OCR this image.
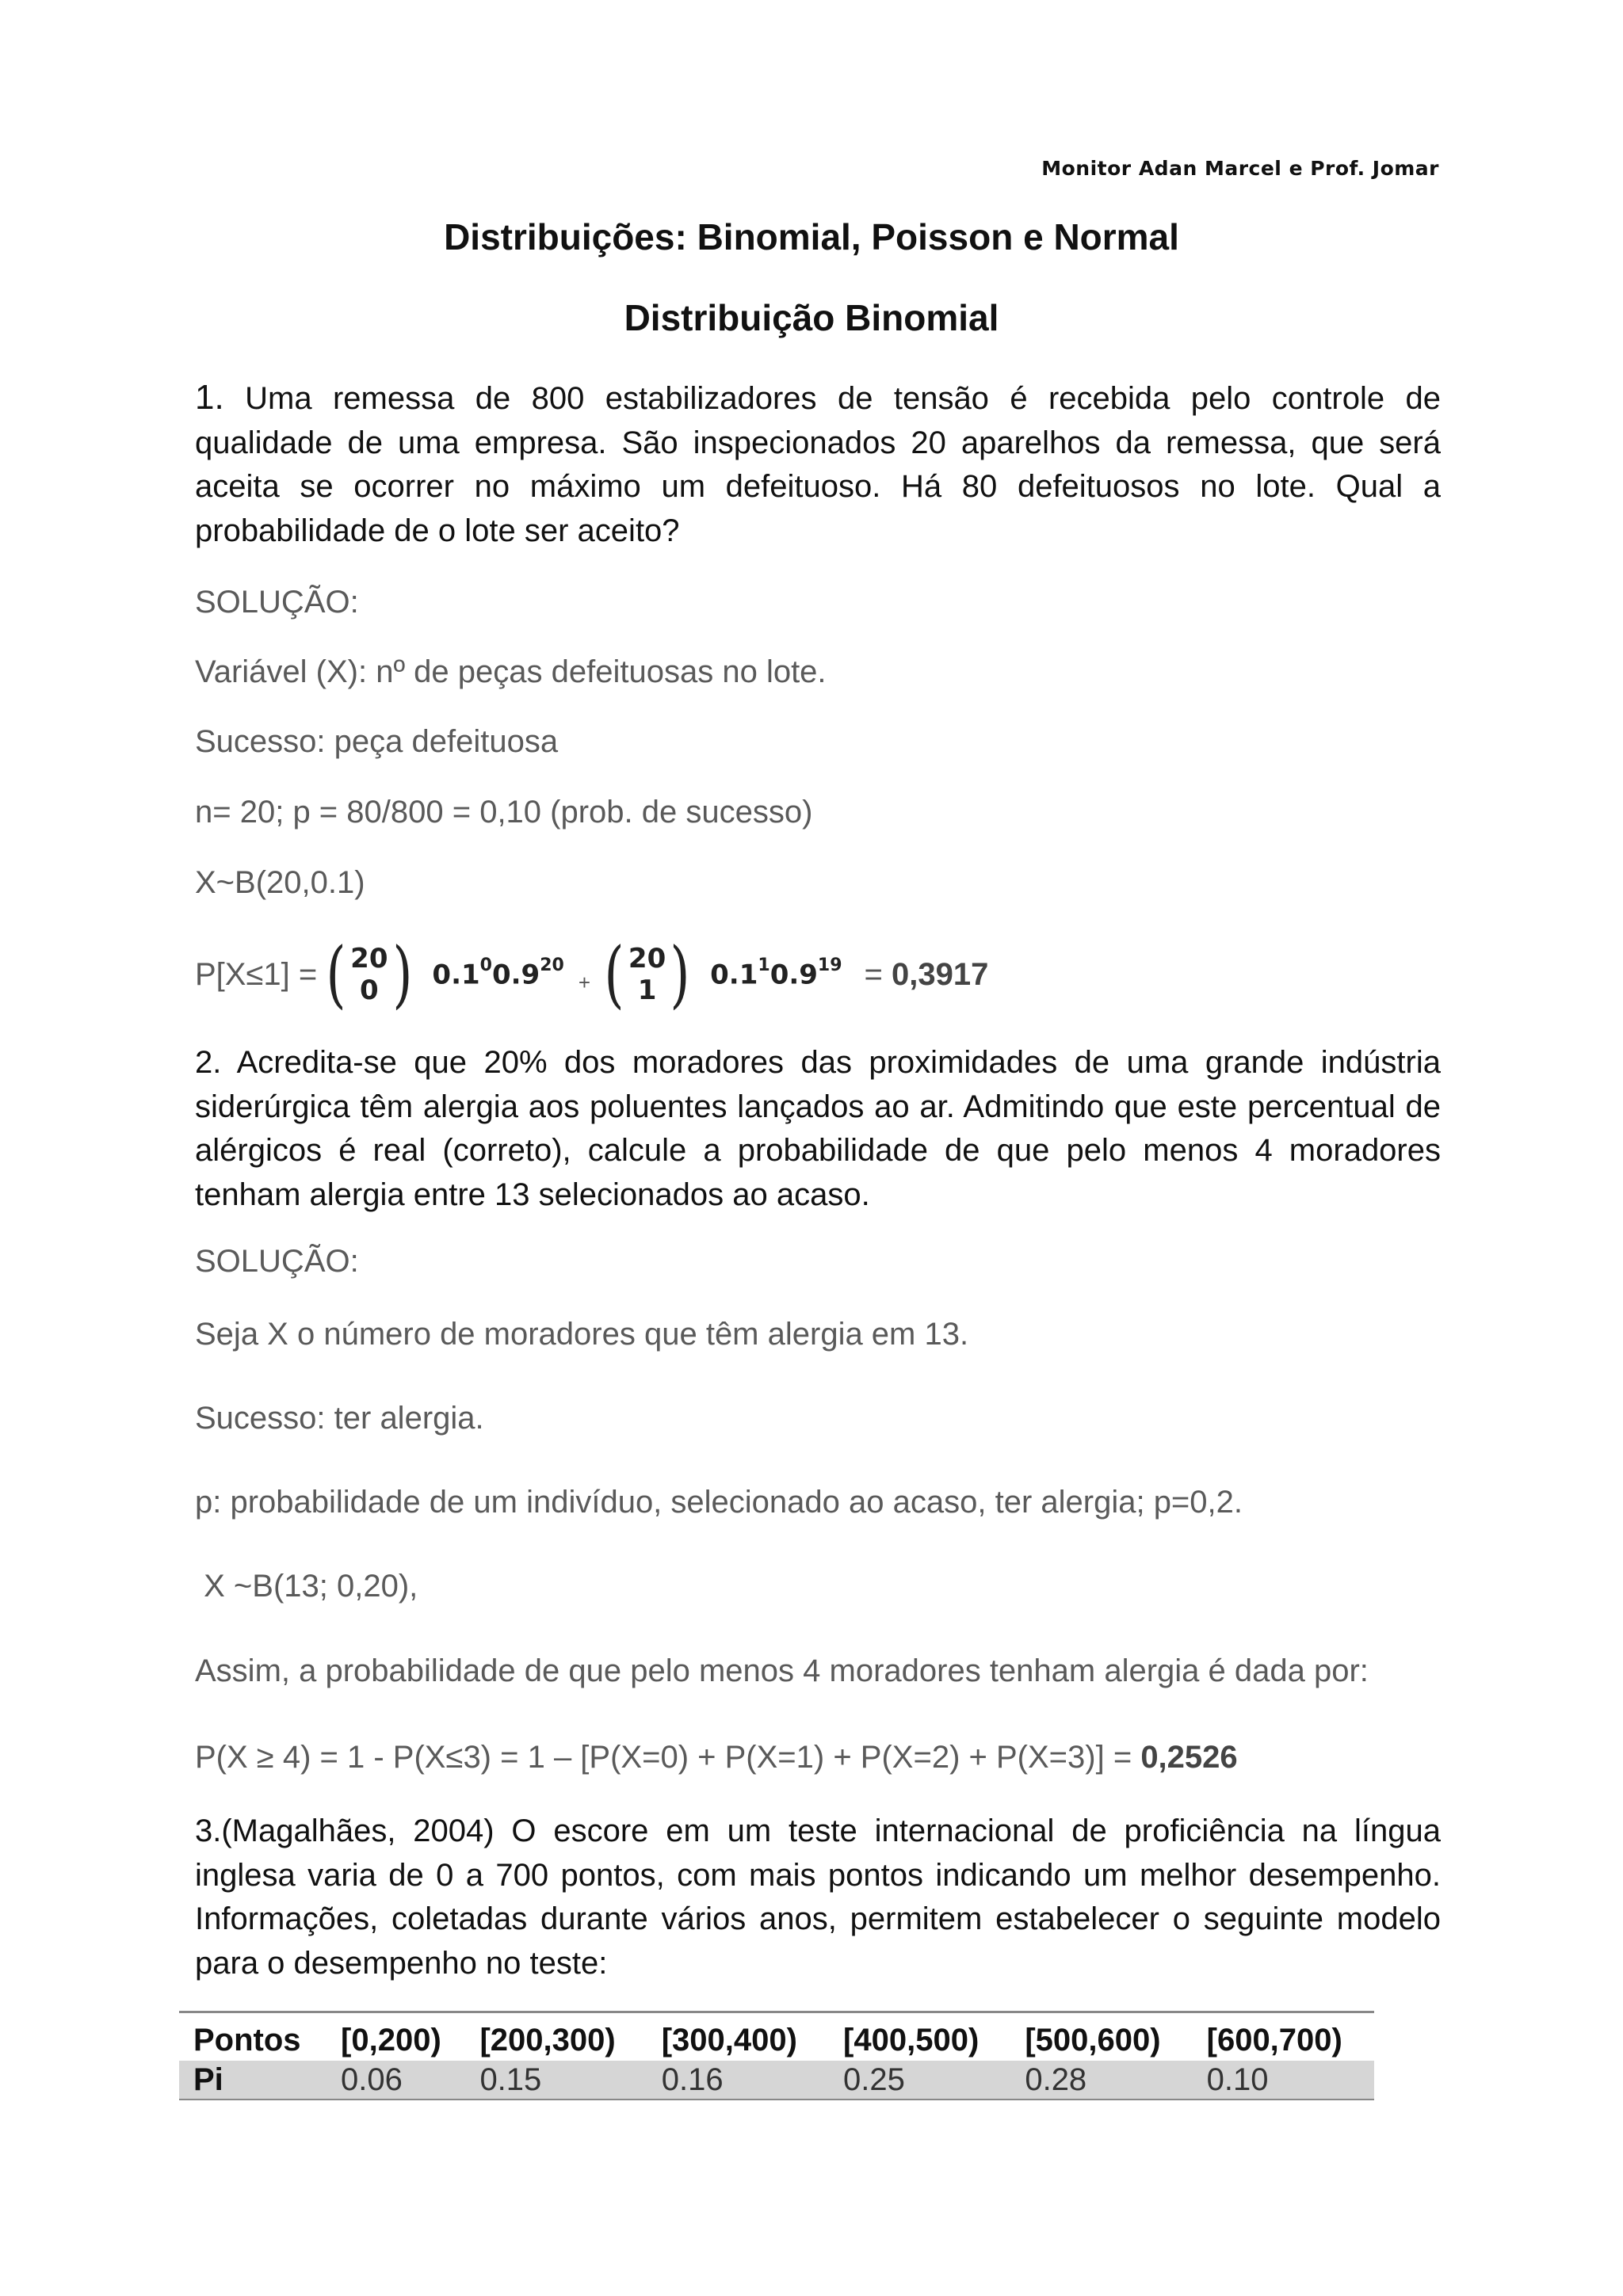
Monitor Adan Marcel e Prof. Jomar
Distribuições: Binomial, Poisson e Normal
Distribuição Binomial
1. Uma remessa de 800 estabilizadores de tensão é recebida pelo controle de qualidade de uma empresa. São inspecionados 20 aparelhos da remessa, que será aceita se ocorrer no máximo um defeituoso. Há 80 defeituosos no lote. Qual a probabilidade de o lote ser aceito?
SOLUÇÃO:
Variável (X): nº de peças defeituosas no lote.
Sucesso: peça defeituosa
n= 20; p = 80/800 = 0,10 (prob. de sucesso)
X~B(20,0.1)
P[X≤1] = ( 20
0 ) $0.1^00.9^{20}$
+ ( 20
1 ) $0.1^10.9^{19} = 0,3917$
2. Acredita-se que 20% dos moradores das proximidades de uma grande indústria siderúrgica têm alergia aos poluentes lançados ao ar. Admitindo que este percentual de alérgicos é real (correto), calcule a probabilidade de que pelo menos 4 moradores tenham alergia entre 13 selecionados ao acaso.
SOLUÇÃO:
Seja X o número de moradores que têm alergia em 13.
Sucesso: ter alergia.
p: probabilidade de um indivíduo, selecionado ao acaso, ter alergia; p=0,2.
X ~B(13; 0,20),
Assim, a probabilidade de que pelo menos 4 moradores tenham alergia é dada por:
P(X ≥ 4) = 1 - P(X≤3) = 1 – [P(X=0) + P(X=1) + P(X=2) + P(X=3)] = 0,2526
3.(Magalhães, 2004) O escore em um teste internacional de proficiência na língua inglesa varia de 0 a 700 pontos, com mais pontos indicando um melhor desempenho. Informações, coletadas durante vários anos, permitem estabelecer o seguinte modelo para o desempenho no teste:
Pontos	[0,200)	[200,300)	[300,400)	[400,500)	[500,600)	[600,700)
Pi	0.06	0.15	0.16	0.25	0.28	0.10
